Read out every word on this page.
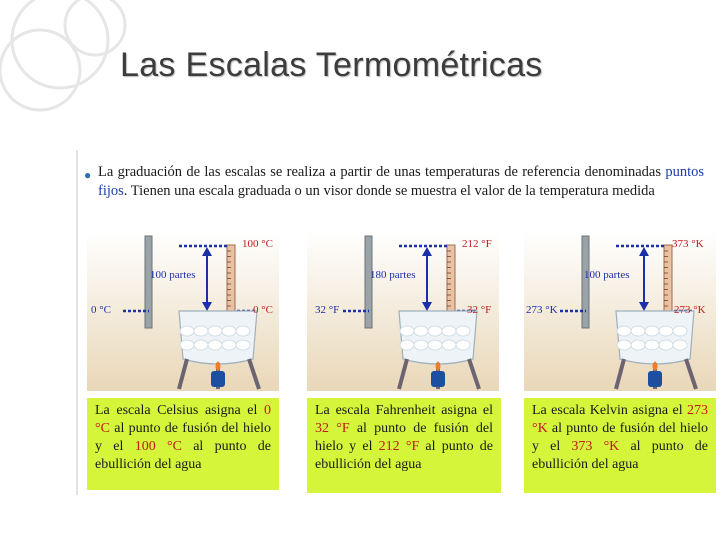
Las Escalas Termométricas
● La graduación de las escalas se realiza a partir de unas temperaturas de referencia denominadas puntos fijos. Tienen una escala graduada o un visor donde se muestra el valor de la temperatura medida
100 °C
100 partes
0 °C	0 °C
212 °F
180 partes
32 °F	32 °F
373 °K
100 partes
273 °K	273 °K
La escala Celsius asigna el 0 °C al punto de fusión del hielo y el 100 °C al punto de ebullición del agua
La escala Fahrenheit asigna el 32 °F al punto de fusión del hielo y el 212 °F al punto de ebullición del agua
La escala Kelvin asigna el 273 °K al punto de fusión del hielo y el 373 °K al punto de ebullición del agua
